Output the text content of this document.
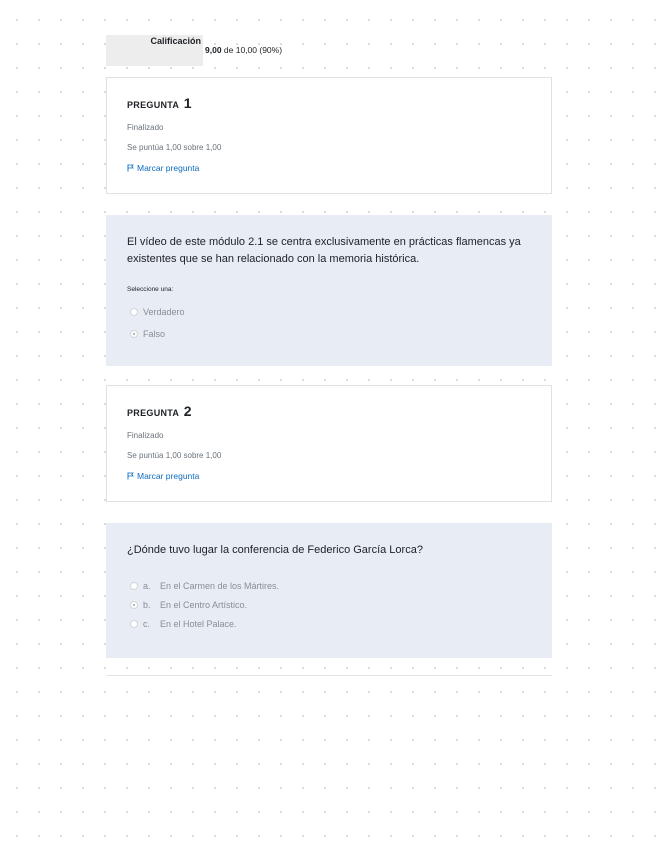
Calificación
9,00 de 10,00 (90%)
PREGUNTA 1
Finalizado
Se puntúa 1,00 sobre 1,00
Marcar pregunta
El vídeo de este módulo 2.1 se centra exclusivamente en prácticas flamencas ya existentes que se han relacionado con la memoria histórica.
Seleccione una:
Verdadero
Falso
PREGUNTA 2
Finalizado
Se puntúa 1,00 sobre 1,00
Marcar pregunta
¿Dónde tuvo lugar la conferencia de Federico García Lorca?
a. En el Carmen de los Mártires.
b. En el Centro Artístico.
c. En el Hotel Palace.
